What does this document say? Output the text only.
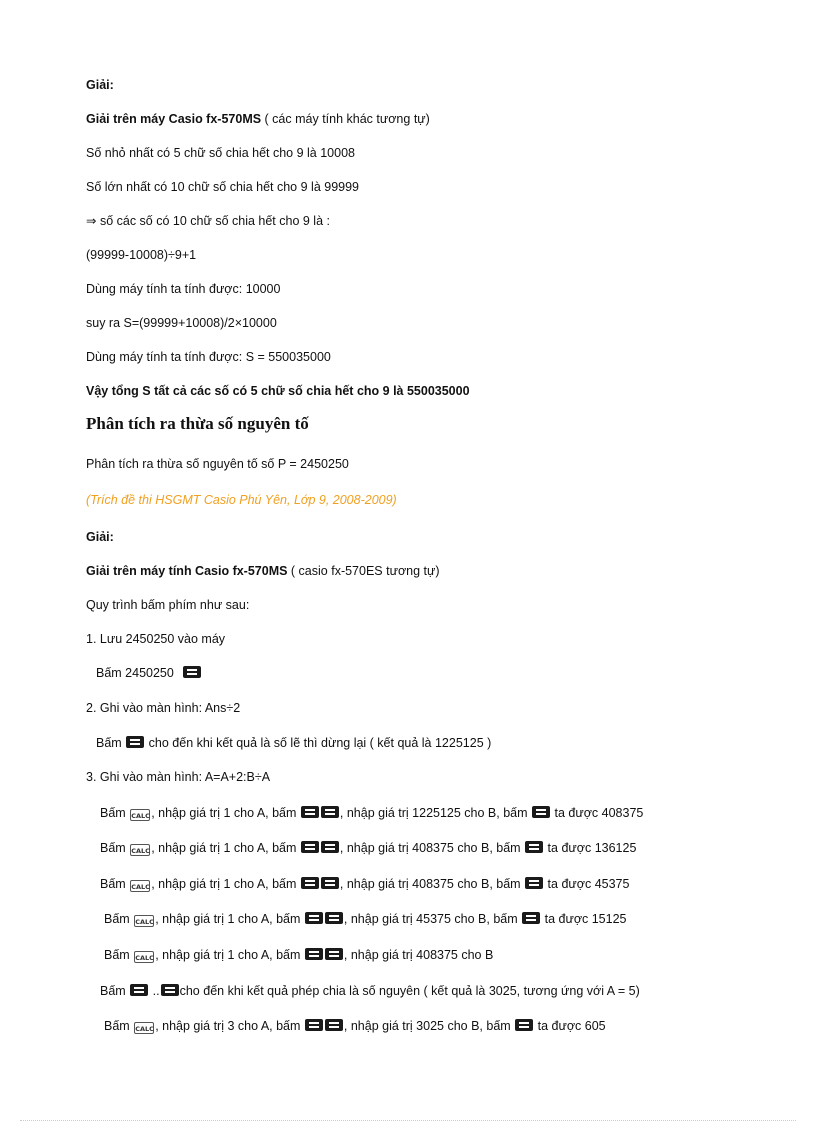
Giải:
Giải trên máy Casio fx-570MS ( các máy tính khác tương tự)
Số nhỏ nhất có 5 chữ số chia hết cho 9 là 10008
Số lớn nhất có 10 chữ số chia hết cho 9 là 99999
⇒ số các số có 10 chữ số chia hết cho 9 là :
(99999-10008)÷9+1
Dùng máy tính ta tính được: 10000
suy ra S=(99999+10008)/2×10000
Dùng máy tính ta tính được: S = 550035000
Vậy tổng S tất cả các số có 5 chữ số chia hết cho 9 là 550035000
Phân tích ra thừa số nguyên tố
Phân tích ra thừa số nguyên tố số P = 2450250
(Trích đề thi HSGMT Casio Phú Yên, Lớp 9, 2008-2009)
Giải:
Giải trên máy tính Casio fx-570MS ( casio fx-570ES tương tự)
Quy trình bấm phím như sau:
1. Lưu 2450250 vào máy
Bấm 2450250
2. Ghi vào màn hình: Ans÷2
Bấm  cho đến khi kết quả là số lẽ thì dừng lại ( kết quả là 1225125 )
3. Ghi vào màn hình: A=A+2:B÷A
Bấm CALC, nhập giá trị 1 cho A, bấm	, nhập giá trị 1225125 cho B, bấm  ta được 408375
Bấm CALC, nhập giá trị 1 cho A, bấm	, nhập giá trị 408375 cho B, bấm  ta được 136125
Bấm CALC, nhập giá trị 1 cho A, bấm	, nhập giá trị 408375 cho B, bấm  ta được 45375
Bấm CALC, nhập giá trị 1 cho A, bấm	, nhập giá trị 45375 cho B, bấm  ta được 15125
Bấm CALC, nhập giá trị 1 cho A, bấm	, nhập giá trị 408375 cho B
Bấm  .. cho đến khi kết quả phép chia là số nguyên ( kết quả là 3025, tương ứng với A = 5)
Bấm CALC, nhập giá trị 3 cho A, bấm	, nhập giá trị 3025 cho B, bấm  ta được 605
